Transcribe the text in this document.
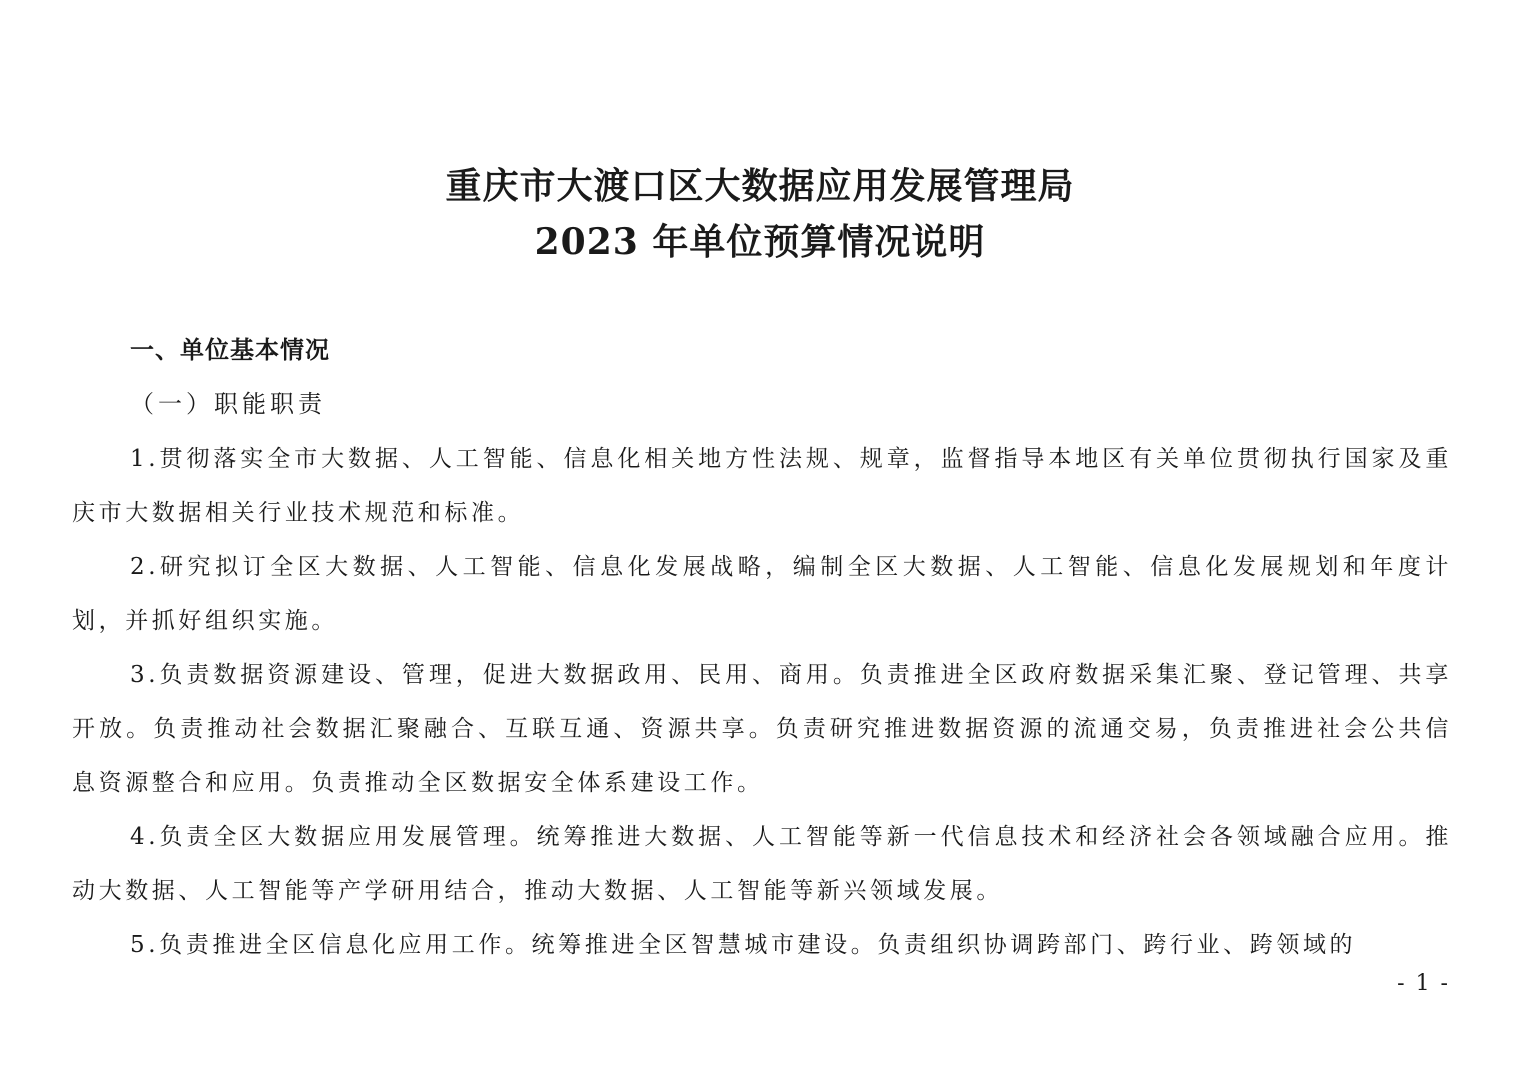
重庆市大渡口区大数据应用发展管理局
2023 年单位预算情况说明
一、单位基本情况
（一）职能职责

1.贯彻落实全市大数据、人工智能、信息化相关地方性法规、规章，监督指导本地区有关单位贯彻执行国家及重庆市大数据相关行业技术规范和标准。

2.研究拟订全区大数据、人工智能、信息化发展战略，编制全区大数据、人工智能、信息化发展规划和年度计划，并抓好组织实施。

3.负责数据资源建设、管理，促进大数据政用、民用、商用。负责推进全区政府数据采集汇聚、登记管理、共享开放。负责推动社会数据汇聚融合、互联互通、资源共享。负责研究推进数据资源的流通交易，负责推进社会公共信息资源整合和应用。负责推动全区数据安全体系建设工作。

4.负责全区大数据应用发展管理。统筹推进大数据、人工智能等新一代信息技术和经济社会各领域融合应用。推动大数据、人工智能等产学研用结合，推动大数据、人工智能等新兴领域发展。

5.负责推进全区信息化应用工作。统筹推进全区智慧城市建设。负责组织协调跨部门、跨行业、跨领域的

- 1 -
